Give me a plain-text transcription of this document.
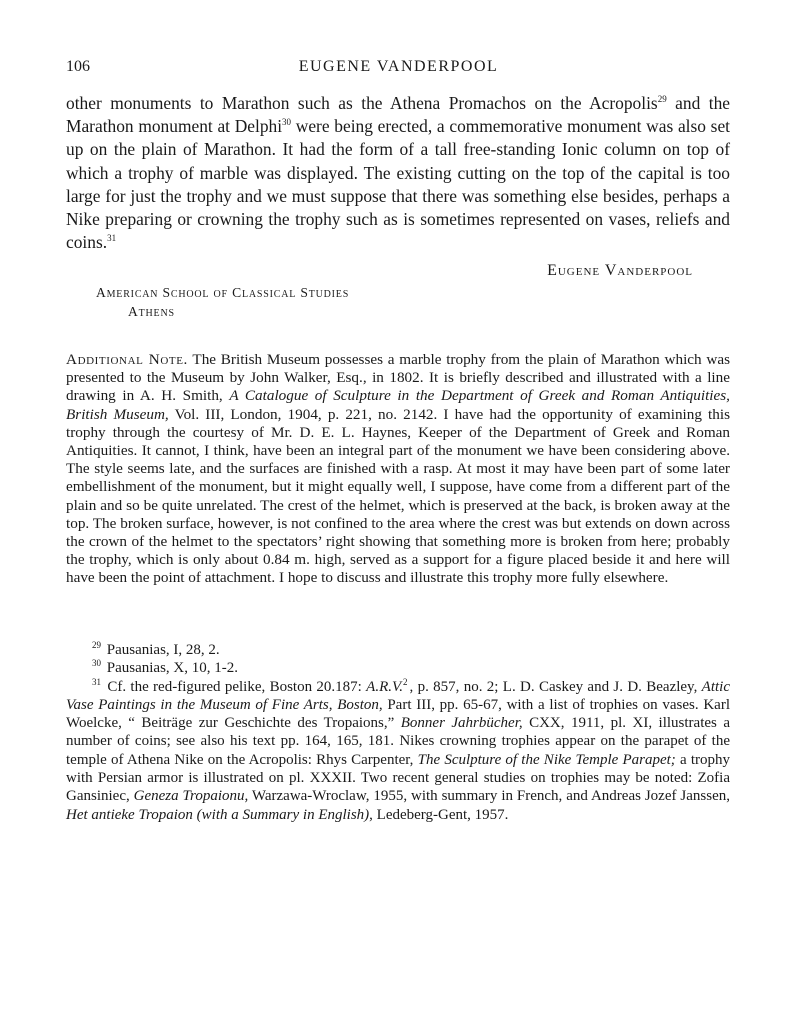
106	EUGENE VANDERPOOL

other monuments to Marathon such as the Athena Promachos on the Acropolis$^{29}$ and the Marathon monument at Delphi$^{30}$ were being erected, a commemorative monument was also set up on the plain of Marathon. It had the form of a tall free-standing Ionic column on top of which a trophy of marble was displayed. The existing cutting on the top of the capital is too large for just the trophy and we must suppose that there was something else besides, perhaps a Nike preparing or crowning the trophy such as is sometimes represented on vases, reliefs and coins.$^{31}$

Eugene Vanderpool
American School of Classical Studies
Athens

Additional Note. The British Museum possesses a marble trophy from the plain of Marathon which was presented to the Museum by John Walker, Esq., in 1802. It is briefly described and illustrated with a line drawing in A. H. Smith, A Catalogue of Sculpture in the Department of Greek and Roman Antiquities, British Museum, Vol. III, London, 1904, p. 221, no. 2142. I have had the opportunity of examining this trophy through the courtesy of Mr. D. E. L. Haynes, Keeper of the Department of Greek and Roman Antiquities. It cannot, I think, have been an integral part of the monument we have been considering above. The style seems late, and the surfaces are finished with a rasp. At most it may have been part of some later embellishment of the monument, but it might equally well, I suppose, have come from a different part of the plain and so be quite unrelated. The crest of the helmet, which is preserved at the back, is broken away at the top. The broken surface, however, is not confined to the area where the crest was but extends on down across the crown of the helmet to the spectators’ right showing that something more is broken from here; probably the trophy, which is only about 0.84 m. high, served as a support for a figure placed beside it and here will have been the point of attachment. I hope to discuss and illustrate this trophy more fully elsewhere.

$^{29}$ Pausanias, I, 28, 2.

$^{30}$ Pausanias, X, 10, 1-2.

$^{31}$ Cf. the red-figured pelike, Boston 20.187: A.R.V.$^2$ , p. 857, no. 2; L. D. Caskey and J. D. Beazley, Attic Vase Paintings in the Museum of Fine Arts, Boston, Part III, pp. 65-67, with a list of trophies on vases. Karl Woelcke, “ Beiträge zur Geschichte des Tropaions,” Bonner Jahrbücher, CXX, 1911, pl. XI, illustrates a number of coins; see also his text pp. 164, 165, 181. Nikes crowning trophies appear on the parapet of the temple of Athena Nike on the Acropolis: Rhys Carpenter, The Sculpture of the Nike Temple Parapet; a trophy with Persian armor is illustrated on pl. XXXII. Two recent general studies on trophies may be noted: Zofia Gansiniec, Geneza Tropaionu, Warzawa-Wroclaw, 1955, with summary in French, and Andreas Jozef Janssen, Het antieke Tropaion (with a Summary in English), Ledeberg-Gent, 1957.
